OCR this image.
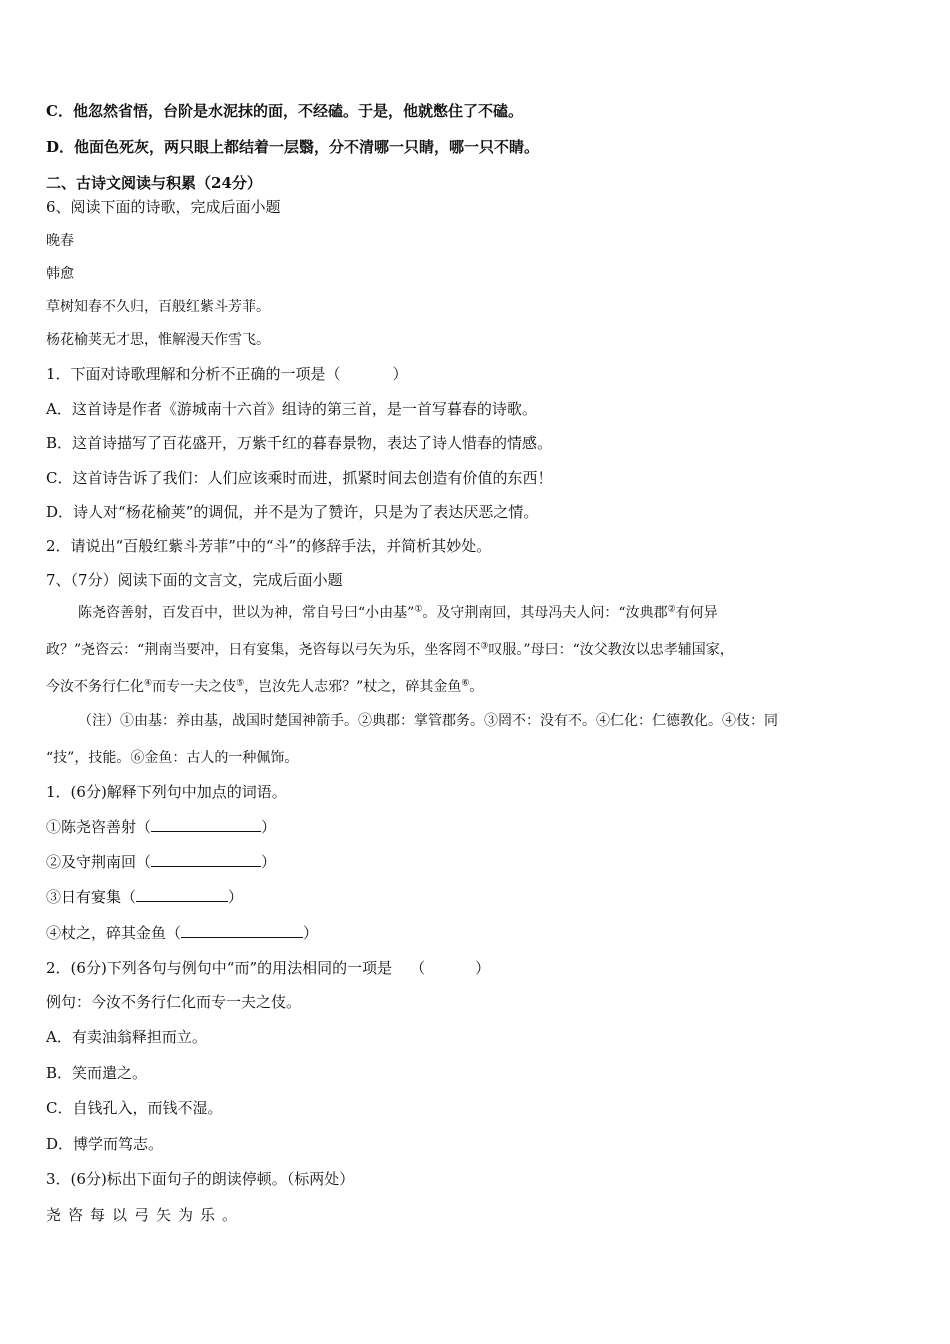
C．他忽然省悟，台阶是水泥抹的面，不经磕。于是，他就憋住了不磕。
D．他面色死灰，两只眼上都结着一层翳，分不清哪一只睛，哪一只不睛。
二、古诗文阅读与积累（24分）
6、阅读下面的诗歌，完成后面小题
晚春
韩愈
草树知春不久归，百般红紫斗芳菲。
杨花榆荚无才思，惟解漫天作雪飞。
1．下面对诗歌理解和分析不正确的一项是（	）
A．这首诗是作者《游城南十六首》组诗的第三首，是一首写暮春的诗歌。
B．这首诗描写了百花盛开，万紫千红的暮春景物，表达了诗人惜春的情感。
C．这首诗告诉了我们：人们应该乘时而进，抓紧时间去创造有价值的东西！
D．诗人对“杨花榆荚”的调侃，并不是为了赞许，只是为了表达厌恶之情。
2．请说出“百般红紫斗芳菲”中的“斗”的修辞手法，并简析其妙处。
7、（7分）阅读下面的文言文，完成后面小题
陈尧咨善射，百发百中，世以为神，常自号曰“小由基”①。及守荆南回，其母冯夫人问：“汝典郡②有何异
政？”尧咨云：“荆南当要冲，日有宴集，尧咨每以弓矢为乐，坐客罔不③叹服。”母曰：“汝父教汝以忠孝辅国家，
今汝不务行仁化④而专一夫之伎⑤，岂汝先人志邪？”杖之，碎其金鱼⑥。
（注）①由基：养由基，战国时楚国神箭手。②典郡：掌管郡务。③罔不：没有不。④仁化：仁德教化。④伎：同
“技”，技能。⑥金鱼：古人的一种佩饰。
1．(6分)解释下列句中加点的词语。
①陈尧咨善射（	）
②及守荆南回（	）
③日有宴集（	）
④杖之，碎其金鱼（	）
2．(6分)下列各句与例句中“而”的用法相同的一项是 （	）
例句：今汝不务行仁化而专一夫之伎。
A．有卖油翁释担而立。
B．笑而遣之。
C．自钱孔入，而钱不湿。
D．博学而笃志。
3．(6分)标出下面句子的朗读停顿。（标两处）
尧咨每以弓矢为乐。
